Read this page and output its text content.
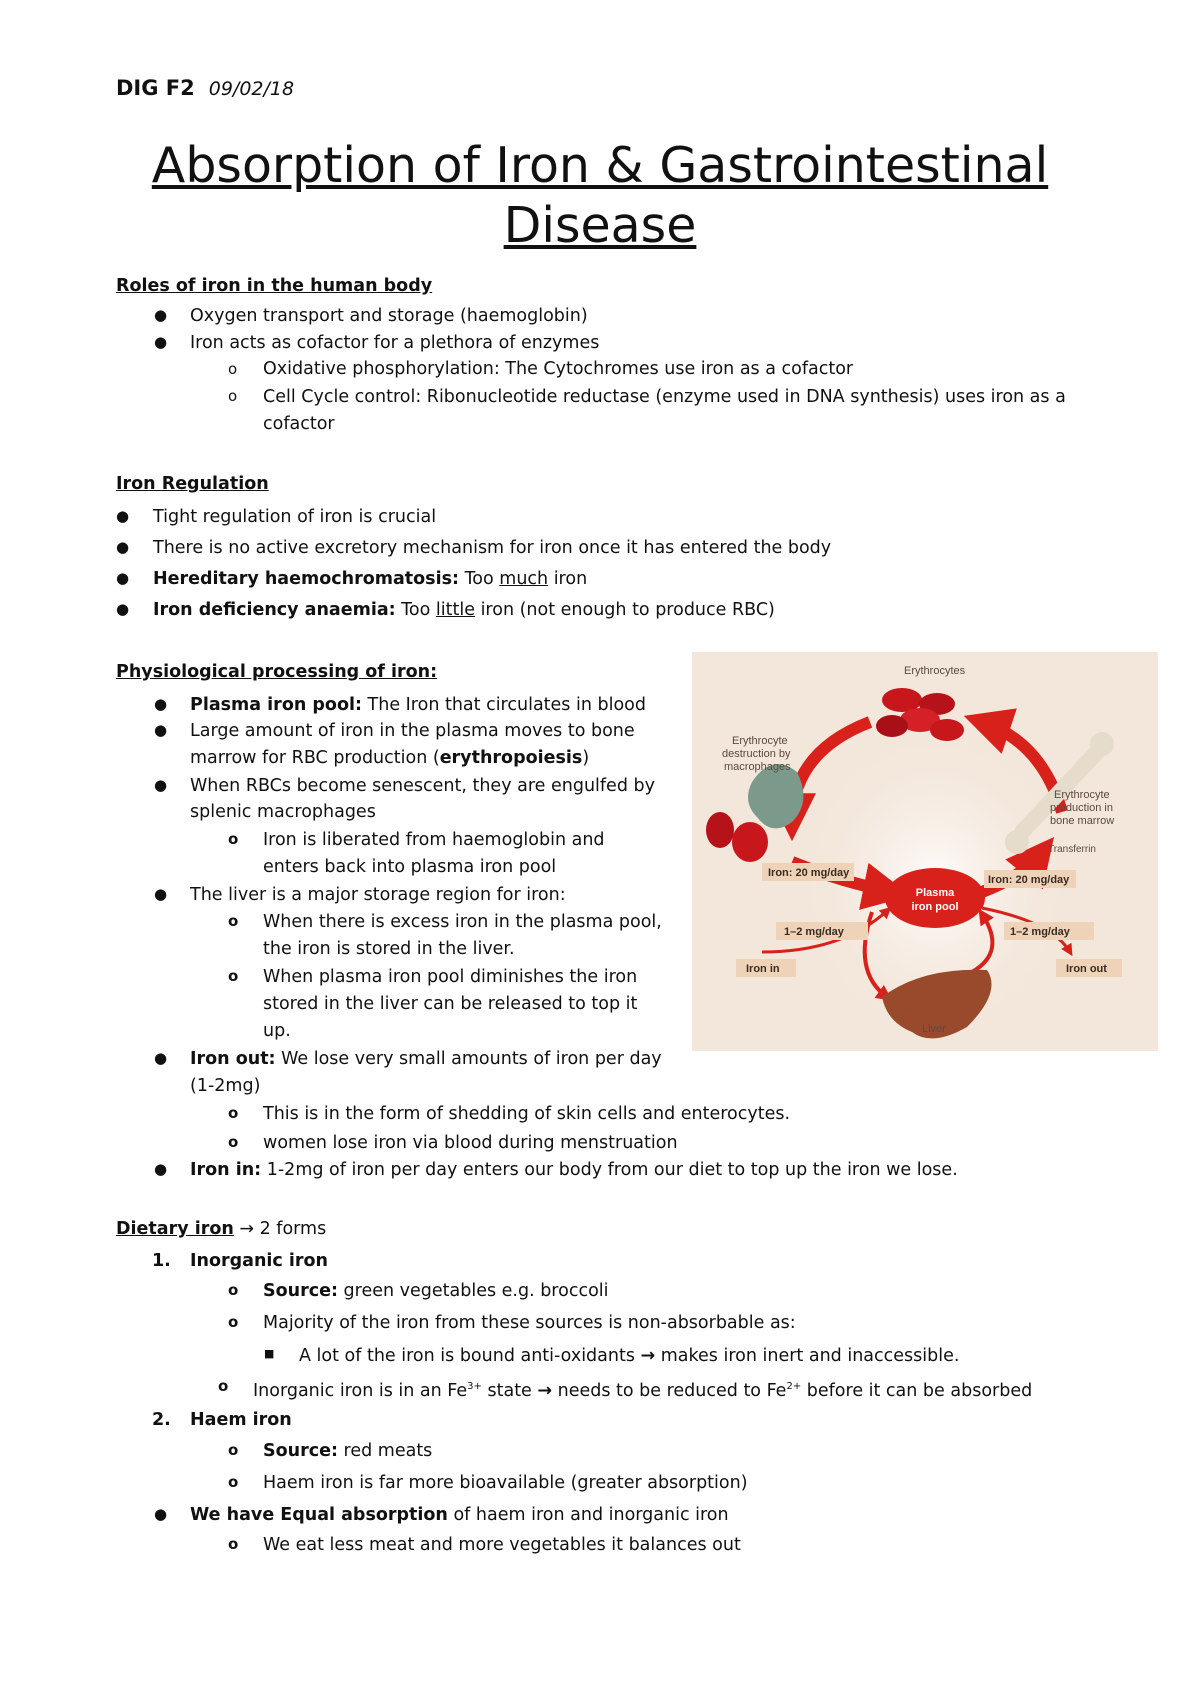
DIG F2 09/02/18
Absorption of Iron & Gastrointestinal
Disease
Roles of iron in the human body
● Oxygen transport and storage (haemoglobin)
● Iron acts as cofactor for a plethora of enzymes
o Oxidative phosphorylation: The Cytochromes use iron as a cofactor
o Cell Cycle control: Ribonucleotide reductase (enzyme used in DNA synthesis) uses iron as a
cofactor
Iron Regulation
● Tight regulation of iron is crucial
● There is no active excretory mechanism for iron once it has entered the body
● Hereditary haemochromatosis: Too much iron
● Iron deficiency anaemia: Too little iron (not enough to produce RBC)
Physiological processing of iron:
● Plasma iron pool: The Iron that circulates in blood
● Large amount of iron in the plasma moves to bone
marrow for RBC production (erythropoiesis)
● When RBCs become senescent, they are engulfed by
splenic macrophages
o Iron is liberated from haemoglobin and
enters back into plasma iron pool
● The liver is a major storage region for iron:
o When there is excess iron in the plasma pool,
the iron is stored in the liver.
o When plasma iron pool diminishes the iron
stored in the liver can be released to top it
up.
● Iron out: We lose very small amounts of iron per day
(1-2mg)
o This is in the form of shedding of skin cells and enterocytes.
o women lose iron via blood during menstruation
● Iron in: 1-2mg of iron per day enters our body from our diet to top up the iron we lose.
Erythrocytes
Erythrocyte
destruction by
macrophages
Erythrocyte
production in
bone marrow
Transferrin
Liver
Iron: 20 mg/day
Iron: 20 mg/day
1–2 mg/day	1–2 mg/day
Iron in	Iron out
Plasma
iron pool
Dietary iron → 2 forms
1. Inorganic iron
o Source: green vegetables e.g. broccoli
o Majority of the iron from these sources is non-absorbable as:
■ A lot of the iron is bound anti-oxidants → makes iron inert and inaccessible.
o Inorganic iron is in an $Fe^{3+}$ state → needs to be reduced to $Fe^{2+}$ before it can be absorbed
2. Haem iron
o Source: red meats
o Haem iron is far more bioavailable (greater absorption)
● We have Equal absorption of haem iron and inorganic iron
o We eat less meat and more vegetables it balances out
